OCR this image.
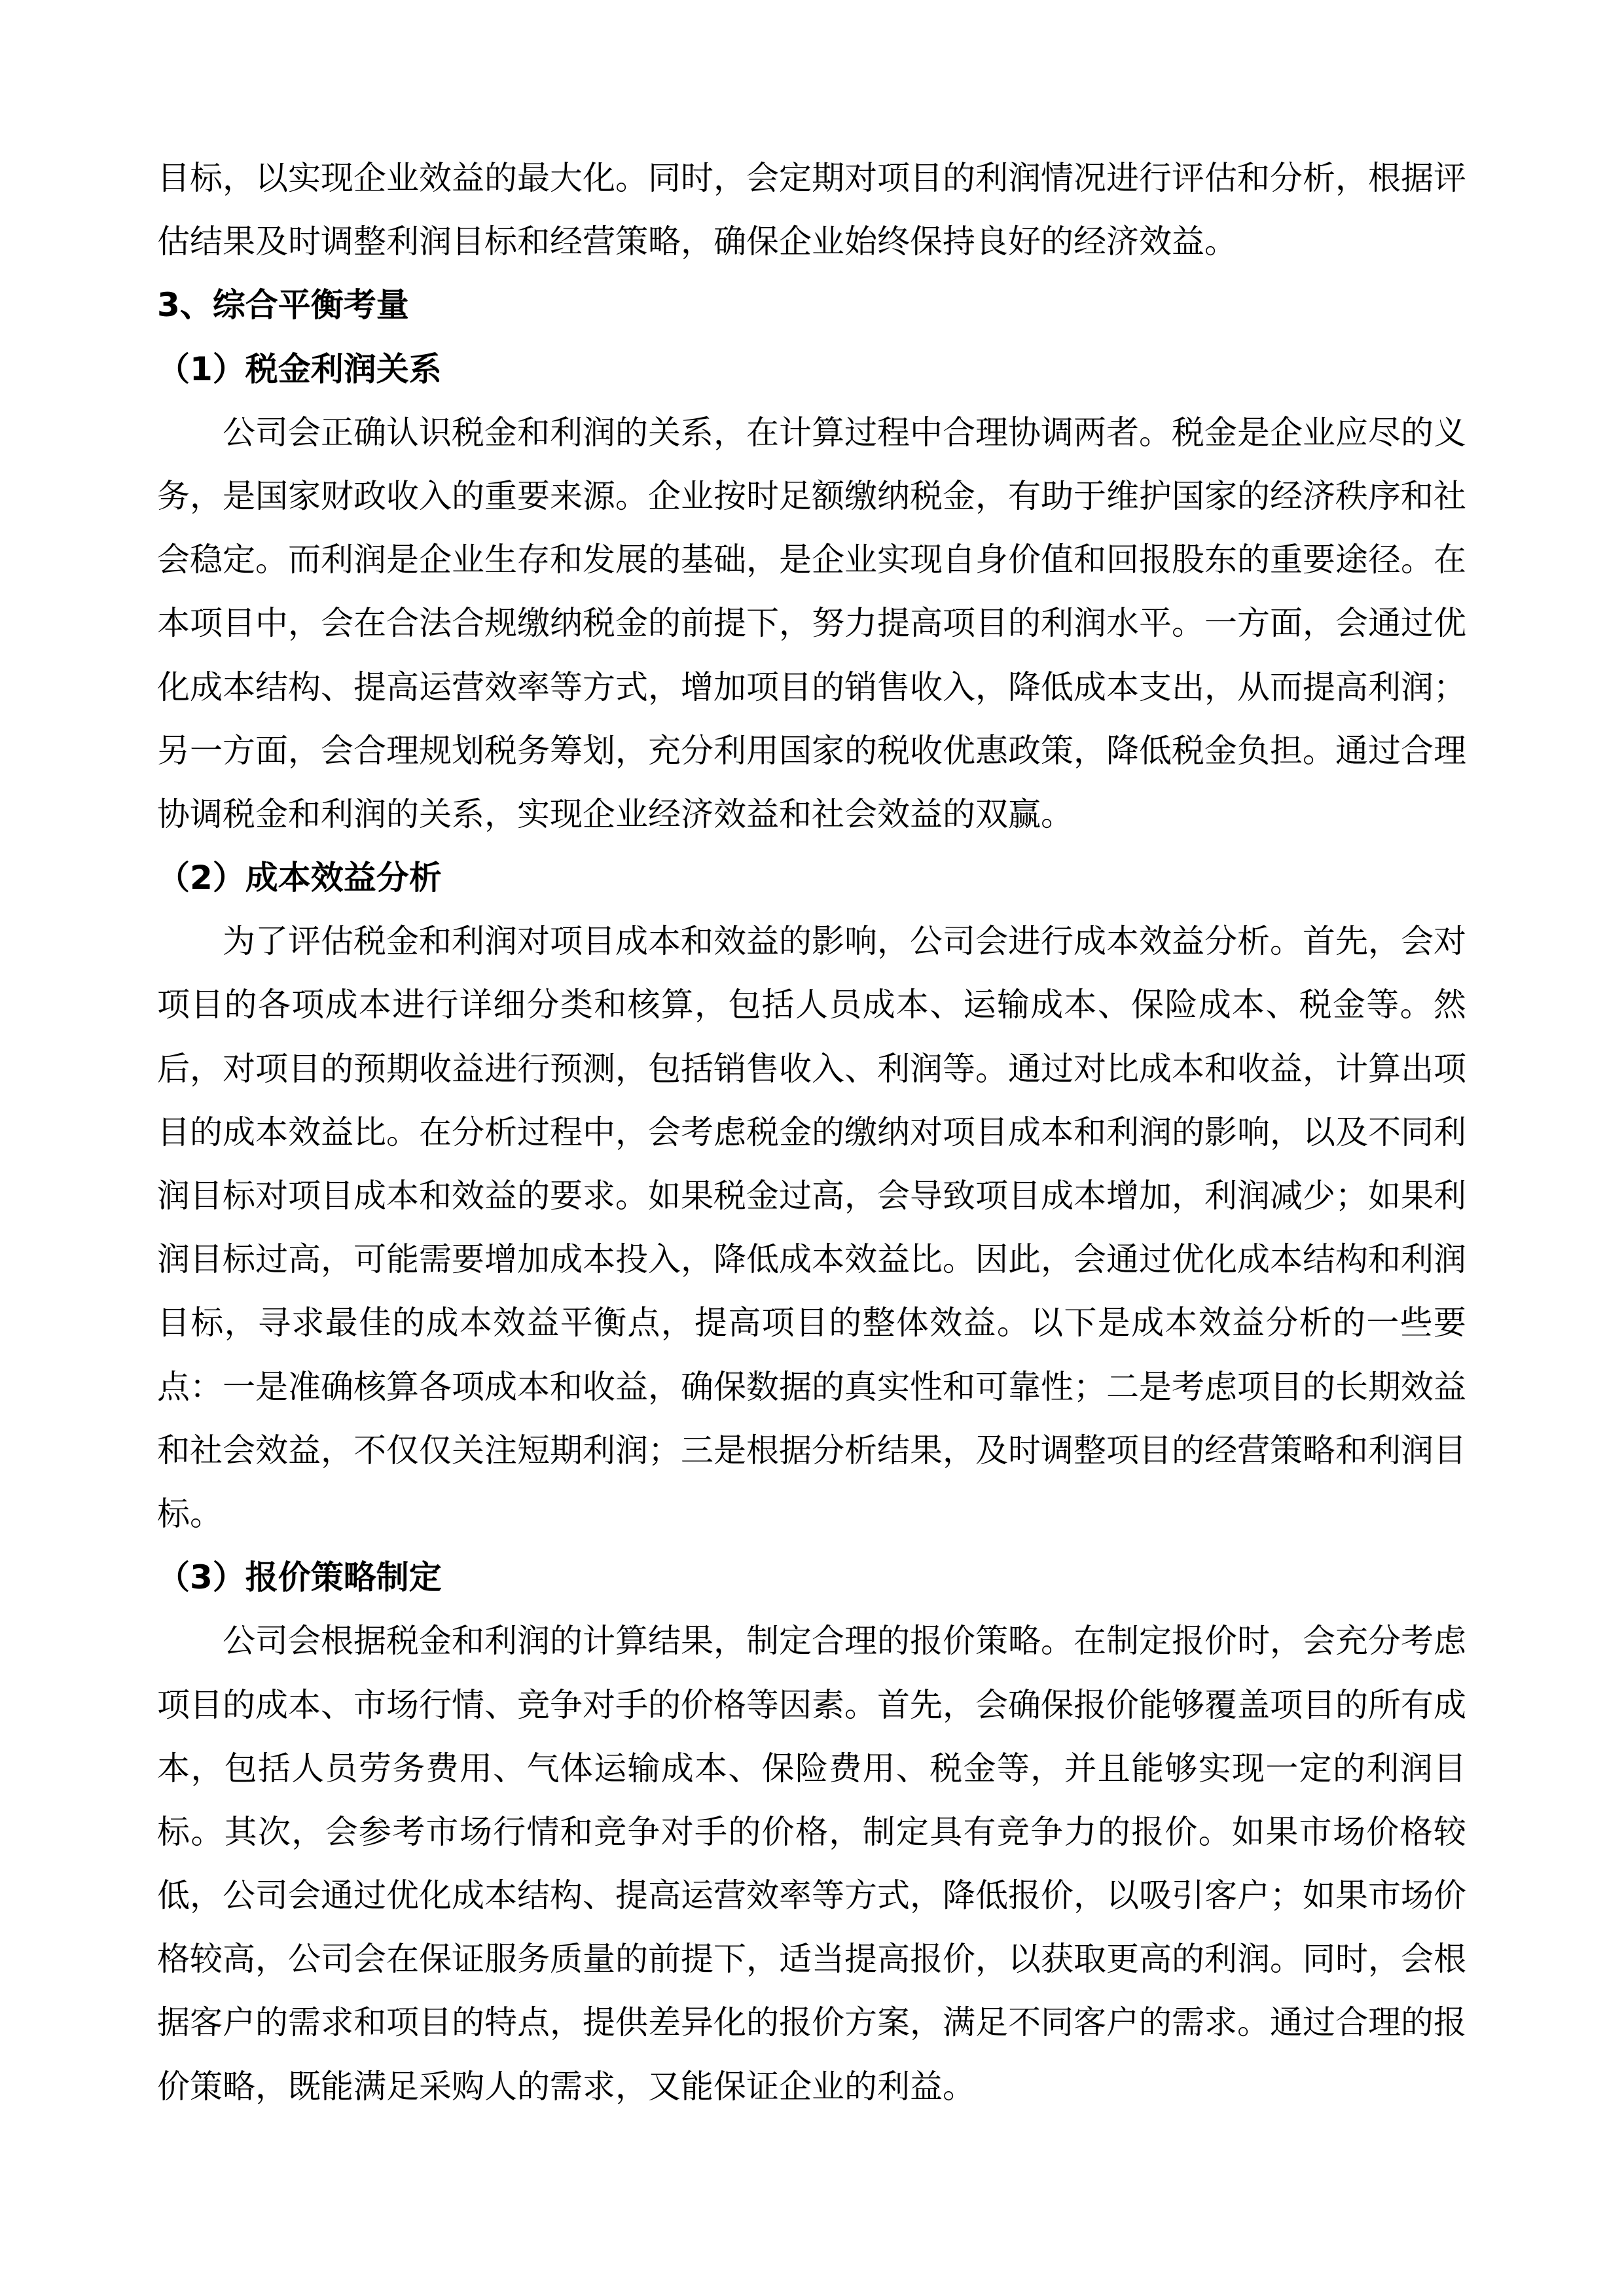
目 标 ， 以 实 现 企 业 效 益 的 最 大 化 。 同 时 ， 会 定 期 对 项 目 的 利 润 情 况 进 行 评 估 和 分 析 ， 根 据 评
估结果及时调整利润目标和经营策略，确保企业始终保持良好的经济效益。
3、综合平衡考量
（1）税金利润关系
公 司 会 正 确 认 识 税 金 和 利 润 的 关 系 ， 在 计 算 过 程 中 合 理 协 调 两 者 。 税 金 是 企 业 应 尽 的 义
务 ， 是 国 家 财 政 收 入 的 重 要 来 源 。 企 业 按 时 足 额 缴 纳 税 金 ， 有 助 于 维 护 国 家 的 经 济 秩 序 和 社
会 稳 定 。 而 利 润 是 企 业 生 存 和 发 展 的 基 础 ， 是 企 业 实 现 自 身 价 值 和 回 报 股 东 的 重 要 途 径 。 在
本 项 目 中 ， 会 在 合 法 合 规 缴 纳 税 金 的 前 提 下 ， 努 力 提 高 项 目 的 利 润 水 平 。 一 方 面 ， 会 通 过 优
化 成 本 结 构 、 提 高 运 营 效 率 等 方 式 ， 增 加 项 目 的 销 售 收 入 ， 降 低 成 本 支 出 ， 从 而 提 高 利 润 ；
另 一 方 面 ， 会 合 理 规 划 税 务 筹 划 ， 充 分 利 用 国 家 的 税 收 优 惠 政 策 ， 降 低 税 金 负 担 。 通 过 合 理
协调税金和利润的关系，实现企业经济效益和社会效益的双赢。
（2）成本效益分析
为 了 评 估 税 金 和 利 润 对 项 目 成 本 和 效 益 的 影 响 ， 公 司 会 进 行 成 本 效 益 分 析 。 首 先 ， 会 对
项 目 的 各 项 成 本 进 行 详 细 分 类 和 核 算 ， 包 括 人 员 成 本 、 运 输 成 本 、 保 险 成 本 、 税 金 等 。 然
后 ， 对 项 目 的 预 期 收 益 进 行 预 测 ， 包 括 销 售 收 入 、 利 润 等 。 通 过 对 比 成 本 和 收 益 ， 计 算 出 项
目 的 成 本 效 益 比 。 在 分 析 过 程 中 ， 会 考 虑 税 金 的 缴 纳 对 项 目 成 本 和 利 润 的 影 响 ， 以 及 不 同 利
润 目 标 对 项 目 成 本 和 效 益 的 要 求 。 如 果 税 金 过 高 ， 会 导 致 项 目 成 本 增 加 ， 利 润 减 少 ； 如 果 利
润 目 标 过 高 ， 可 能 需 要 增 加 成 本 投 入 ， 降 低 成 本 效 益 比 。 因 此 ， 会 通 过 优 化 成 本 结 构 和 利 润
目 标 ， 寻 求 最 佳 的 成 本 效 益 平 衡 点 ， 提 高 项 目 的 整 体 效 益 。 以 下 是 成 本 效 益 分 析 的 一 些 要
点 ： 一 是 准 确 核 算 各 项 成 本 和 收 益 ， 确 保 数 据 的 真 实 性 和 可 靠 性 ； 二 是 考 虑 项 目 的 长 期 效 益
和 社 会 效 益 ， 不 仅 仅 关 注 短 期 利 润 ； 三 是 根 据 分 析 结 果 ， 及 时 调 整 项 目 的 经 营 策 略 和 利 润 目
标。
（3）报价策略制定
公 司 会 根 据 税 金 和 利 润 的 计 算 结 果 ， 制 定 合 理 的 报 价 策 略 。 在 制 定 报 价 时 ， 会 充 分 考 虑
项 目 的 成 本 、 市 场 行 情 、 竞 争 对 手 的 价 格 等 因 素 。 首 先 ， 会 确 保 报 价 能 够 覆 盖 项 目 的 所 有 成
本 ， 包 括 人 员 劳 务 费 用 、 气 体 运 输 成 本 、 保 险 费 用 、 税 金 等 ， 并 且 能 够 实 现 一 定 的 利 润 目
标 。 其 次 ， 会 参 考 市 场 行 情 和 竞 争 对 手 的 价 格 ， 制 定 具 有 竞 争 力 的 报 价 。 如 果 市 场 价 格 较
低 ， 公 司 会 通 过 优 化 成 本 结 构 、 提 高 运 营 效 率 等 方 式 ， 降 低 报 价 ， 以 吸 引 客 户 ； 如 果 市 场 价
格 较 高 ， 公 司 会 在 保 证 服 务 质 量 的 前 提 下 ， 适 当 提 高 报 价 ， 以 获 取 更 高 的 利 润 。 同 时 ， 会 根
据 客 户 的 需 求 和 项 目 的 特 点 ， 提 供 差 异 化 的 报 价 方 案 ， 满 足 不 同 客 户 的 需 求 。 通 过 合 理 的 报
价策略，既能满足采购人的需求，又能保证企业的利益。
